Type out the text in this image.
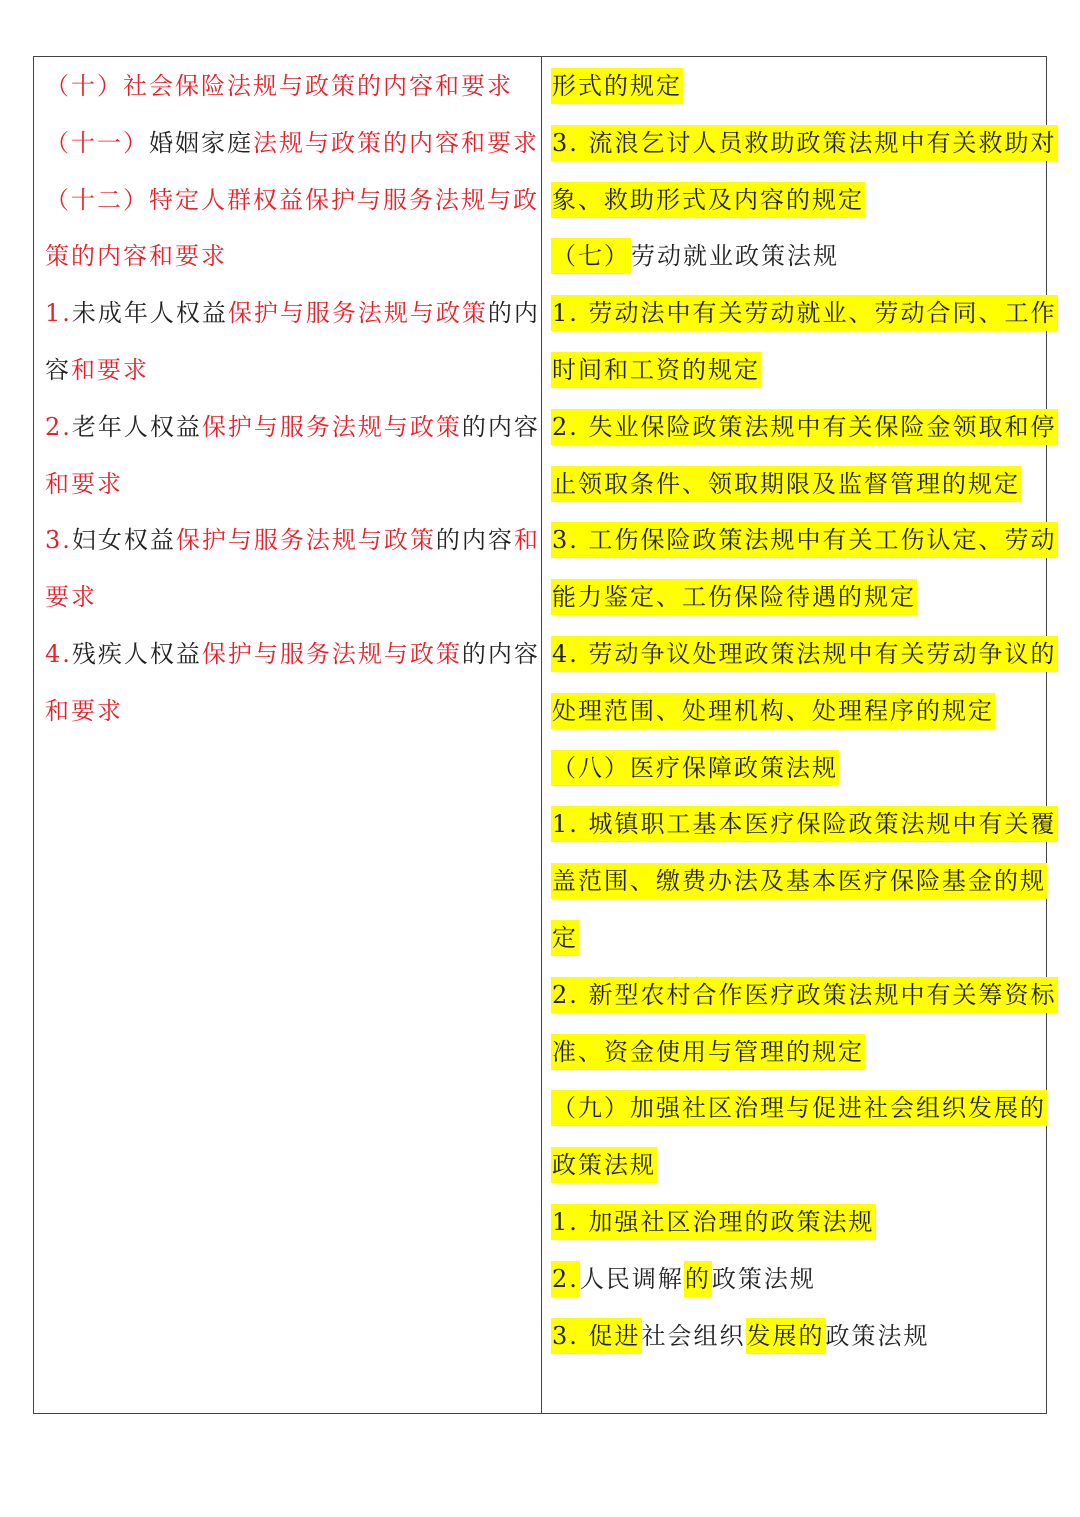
（十）社会保险法规与政策的内容和要求
（十一）婚姻家庭法规与政策的内容和要求
（十二）特定人群权益保护与服务法规与政
策的内容和要求
1.未成年人权益保护与服务法规与政策的内
容和要求
2.老年人权益保护与服务法规与政策的内容
和要求
3.妇女权益保护与服务法规与政策的内容和
要求
4.残疾人权益保护与服务法规与政策的内容
和要求
形式的规定
3. 流浪乞讨人员救助政策法规中有关救助对
象、救助形式及内容的规定
（七）劳动就业政策法规
1. 劳动法中有关劳动就业、劳动合同、工作
时间和工资的规定
2. 失业保险政策法规中有关保险金领取和停
止领取条件、领取期限及监督管理的规定
3. 工伤保险政策法规中有关工伤认定、劳动
能力鉴定、工伤保险待遇的规定
4. 劳动争议处理政策法规中有关劳动争议的
处理范围、处理机构、处理程序的规定
（八）医疗保障政策法规
1. 城镇职工基本医疗保险政策法规中有关覆
盖范围、缴费办法及基本医疗保险基金的规
定
2. 新型农村合作医疗政策法规中有关筹资标
准、资金使用与管理的规定
（九）加强社区治理与促进社会组织发展的
政策法规
1. 加强社区治理的政策法规
2.人民调解的政策法规
3. 促进社会组织发展的政策法规
